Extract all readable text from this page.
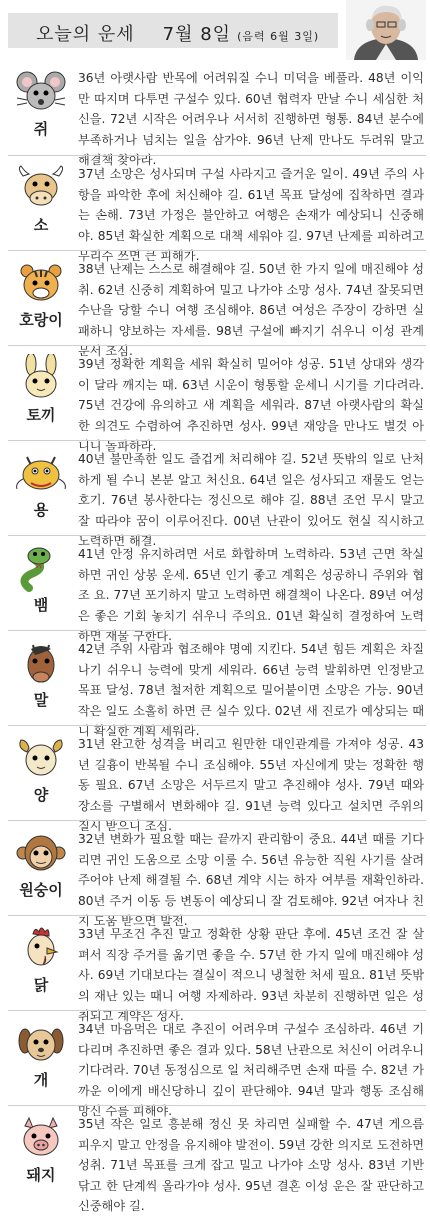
오늘의 운세 7월 8일 (음력 6월 3일)
쥐
36년 아랫사람 반목에 어려워질 수니 미덕을 베풀라. 48년 이익만 따지며 다투면 구설수 있다. 60년 협력자 만날 수니 세심한 처신을. 72년 시작은 어려우나 서서히 진행하면 형통. 84년 분수에 부족하거나 넘치는 일을 삼가야. 96년 난제 만나도 두려워 말고 해결책 찾아라.
소
37년 소망은 성사되며 구설 사라지고 즐거운 일이. 49년 주의 사항을 파악한 후에 처신해야 길. 61년 목표 달성에 집착하면 결과는 손해. 73년 가정은 불안하고 여행은 손재가 예상되니 신중해야. 85년 확실한 계획으로 대책 세워야 길. 97년 난제를 피하려고 무리수 쓰면 큰 피해가.
호랑이
38년 난제는 스스로 해결해야 길. 50년 한 가지 일에 매진해야 성취. 62년 신중히 계획하여 밀고 나가야 소망 성사. 74년 잘못되면 수난을 당할 수니 여행 조심해야. 86년 여성은 주장이 강하면 실패하니 양보하는 자세를. 98년 구설에 빠지기 쉬우니 이성 관계 문서 조심.
토끼
39년 정확한 계획을 세워 확실히 밀어야 성공. 51년 상대와 생각이 달라 깨지는 때. 63년 시운이 형통할 운세니 시기를 기다려라. 75년 건강에 유의하고 새 계획을 세워라. 87년 아랫사람의 확실한 의견도 수렴하여 추진하면 성사. 99년 재앙을 만나도 별것 아니니 돌파하라.
용
40년 불만족한 일도 즐겁게 처리해야 길. 52년 뜻밖의 일로 난처하게 될 수니 본분 알고 처신요. 64년 일은 성사되고 재물도 얻는 호기. 76년 봉사한다는 정신으로 해야 길. 88년 조언 무시 말고 잘 따라야 꿈이 이루어진다. 00년 난관이 있어도 현실 직시하고 노력하면 해결.
뱀
41년 안정 유지하려면 서로 화합하며 노력하라. 53년 근면 착실하면 귀인 상봉 운세. 65년 인기 좋고 계획은 성공하니 주위와 협조 요. 77년 포기하지 말고 노력하면 해결책이 나온다. 89년 여성은 좋은 기회 놓치기 쉬우니 주의요. 01년 확실히 결정하여 노력하면 재물 구한다.
말
42년 주위 사람과 협조해야 명예 지킨다. 54년 힘든 계획은 차질 나기 쉬우니 능력에 맞게 세워라. 66년 능력 발휘하면 인정받고 목표 달성. 78년 철저한 계획으로 밀어붙이면 소망은 가능. 90년 작은 일도 소홀히 하면 큰 실수 있다. 02년 새 진로가 예상되는 때니 확실한 계획 세워라.
양
31년 완고한 성격을 버리고 원만한 대인관계를 가져야 성공. 43년 길흉이 반복될 수니 조심해야. 55년 자신에게 맞는 정확한 행동 필요. 67년 소망은 서두르지 말고 추진해야 성사. 79년 때와 장소를 구별해서 변화해야 길. 91년 능력 있다고 설치면 주위의 질시 받으니 조심.
원숭이
32년 변화가 필요할 때는 끝까지 관리함이 중요. 44년 때를 기다리면 귀인 도움으로 소망 이룰 수. 56년 유능한 직원 사기를 살려주어야 난제 해결될 수. 68년 계약 시는 하자 여부를 재확인하라. 80년 주거 이동 등 변동이 예상되니 잘 검토해야. 92년 여자나 친지 도움 받으면 발전.
닭
33년 무조건 추진 말고 정확한 상황 판단 후에. 45년 조건 잘 살펴서 직장 주거를 옮기면 좋을 수. 57년 한 가지 일에 매진해야 성사. 69년 기대보다는 결실이 적으니 냉철한 처세 필요. 81년 뜻밖의 재난 있는 때니 여행 자제하라. 93년 차분히 진행하면 일은 성취되고 계약은 성사.
개
34년 마음먹은 대로 추진이 어려우며 구설수 조심하라. 46년 기다리며 추진하면 좋은 결과 있다. 58년 난관으로 처신이 어려우니 기다려라. 70년 동정심으로 일 처리해주면 손재 따를 수. 82년 가까운 이에게 배신당하니 깊이 판단해야. 94년 말과 행동 조심해 망신 수를 피해야.
돼지
35년 작은 일로 흥분해 정신 못 차리면 실패할 수. 47년 게으름 피우지 말고 안정을 유지해야 발전이. 59년 강한 의지로 도전하면 성취. 71년 목표를 크게 잡고 밀고 나가야 소망 성사. 83년 기반 닦고 한 단계씩 올라가야 성사. 95년 결혼 이성 운은 잘 판단하고 신중해야 길.
